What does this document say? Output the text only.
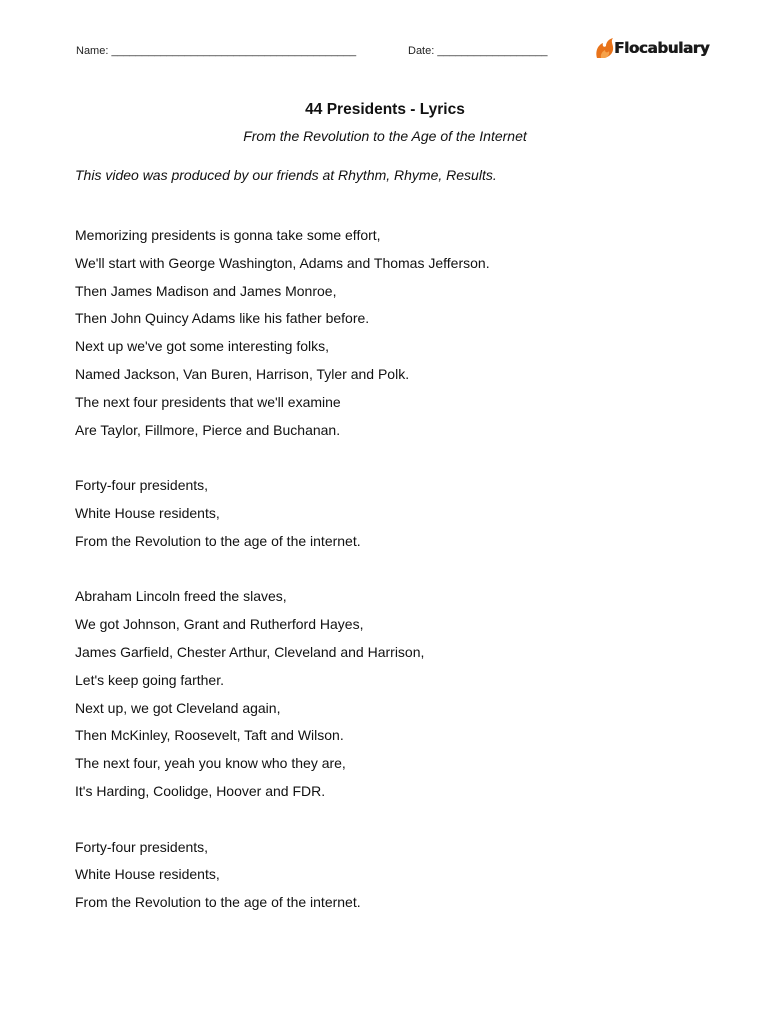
Name: ________________________________________	Date: __________________	Flocabulary
44 Presidents - Lyrics
From the Revolution to the Age of the Internet
This video was produced by our friends at Rhythm, Rhyme, Results.
Memorizing presidents is gonna take some effort,
We'll start with George Washington, Adams and Thomas Jefferson.
Then James Madison and James Monroe,
Then John Quincy Adams like his father before.
Next up we've got some interesting folks,
Named Jackson, Van Buren, Harrison, Tyler and Polk.
The next four presidents that we'll examine
Are Taylor, Fillmore, Pierce and Buchanan.
Forty-four presidents,
White House residents,
From the Revolution to the age of the internet.
Abraham Lincoln freed the slaves,
We got Johnson, Grant and Rutherford Hayes,
James Garfield, Chester Arthur, Cleveland and Harrison,
Let's keep going farther.
Next up, we got Cleveland again,
Then McKinley, Roosevelt, Taft and Wilson.
The next four, yeah you know who they are,
It's Harding, Coolidge, Hoover and FDR.
Forty-four presidents,
White House residents,
From the Revolution to the age of the internet.
